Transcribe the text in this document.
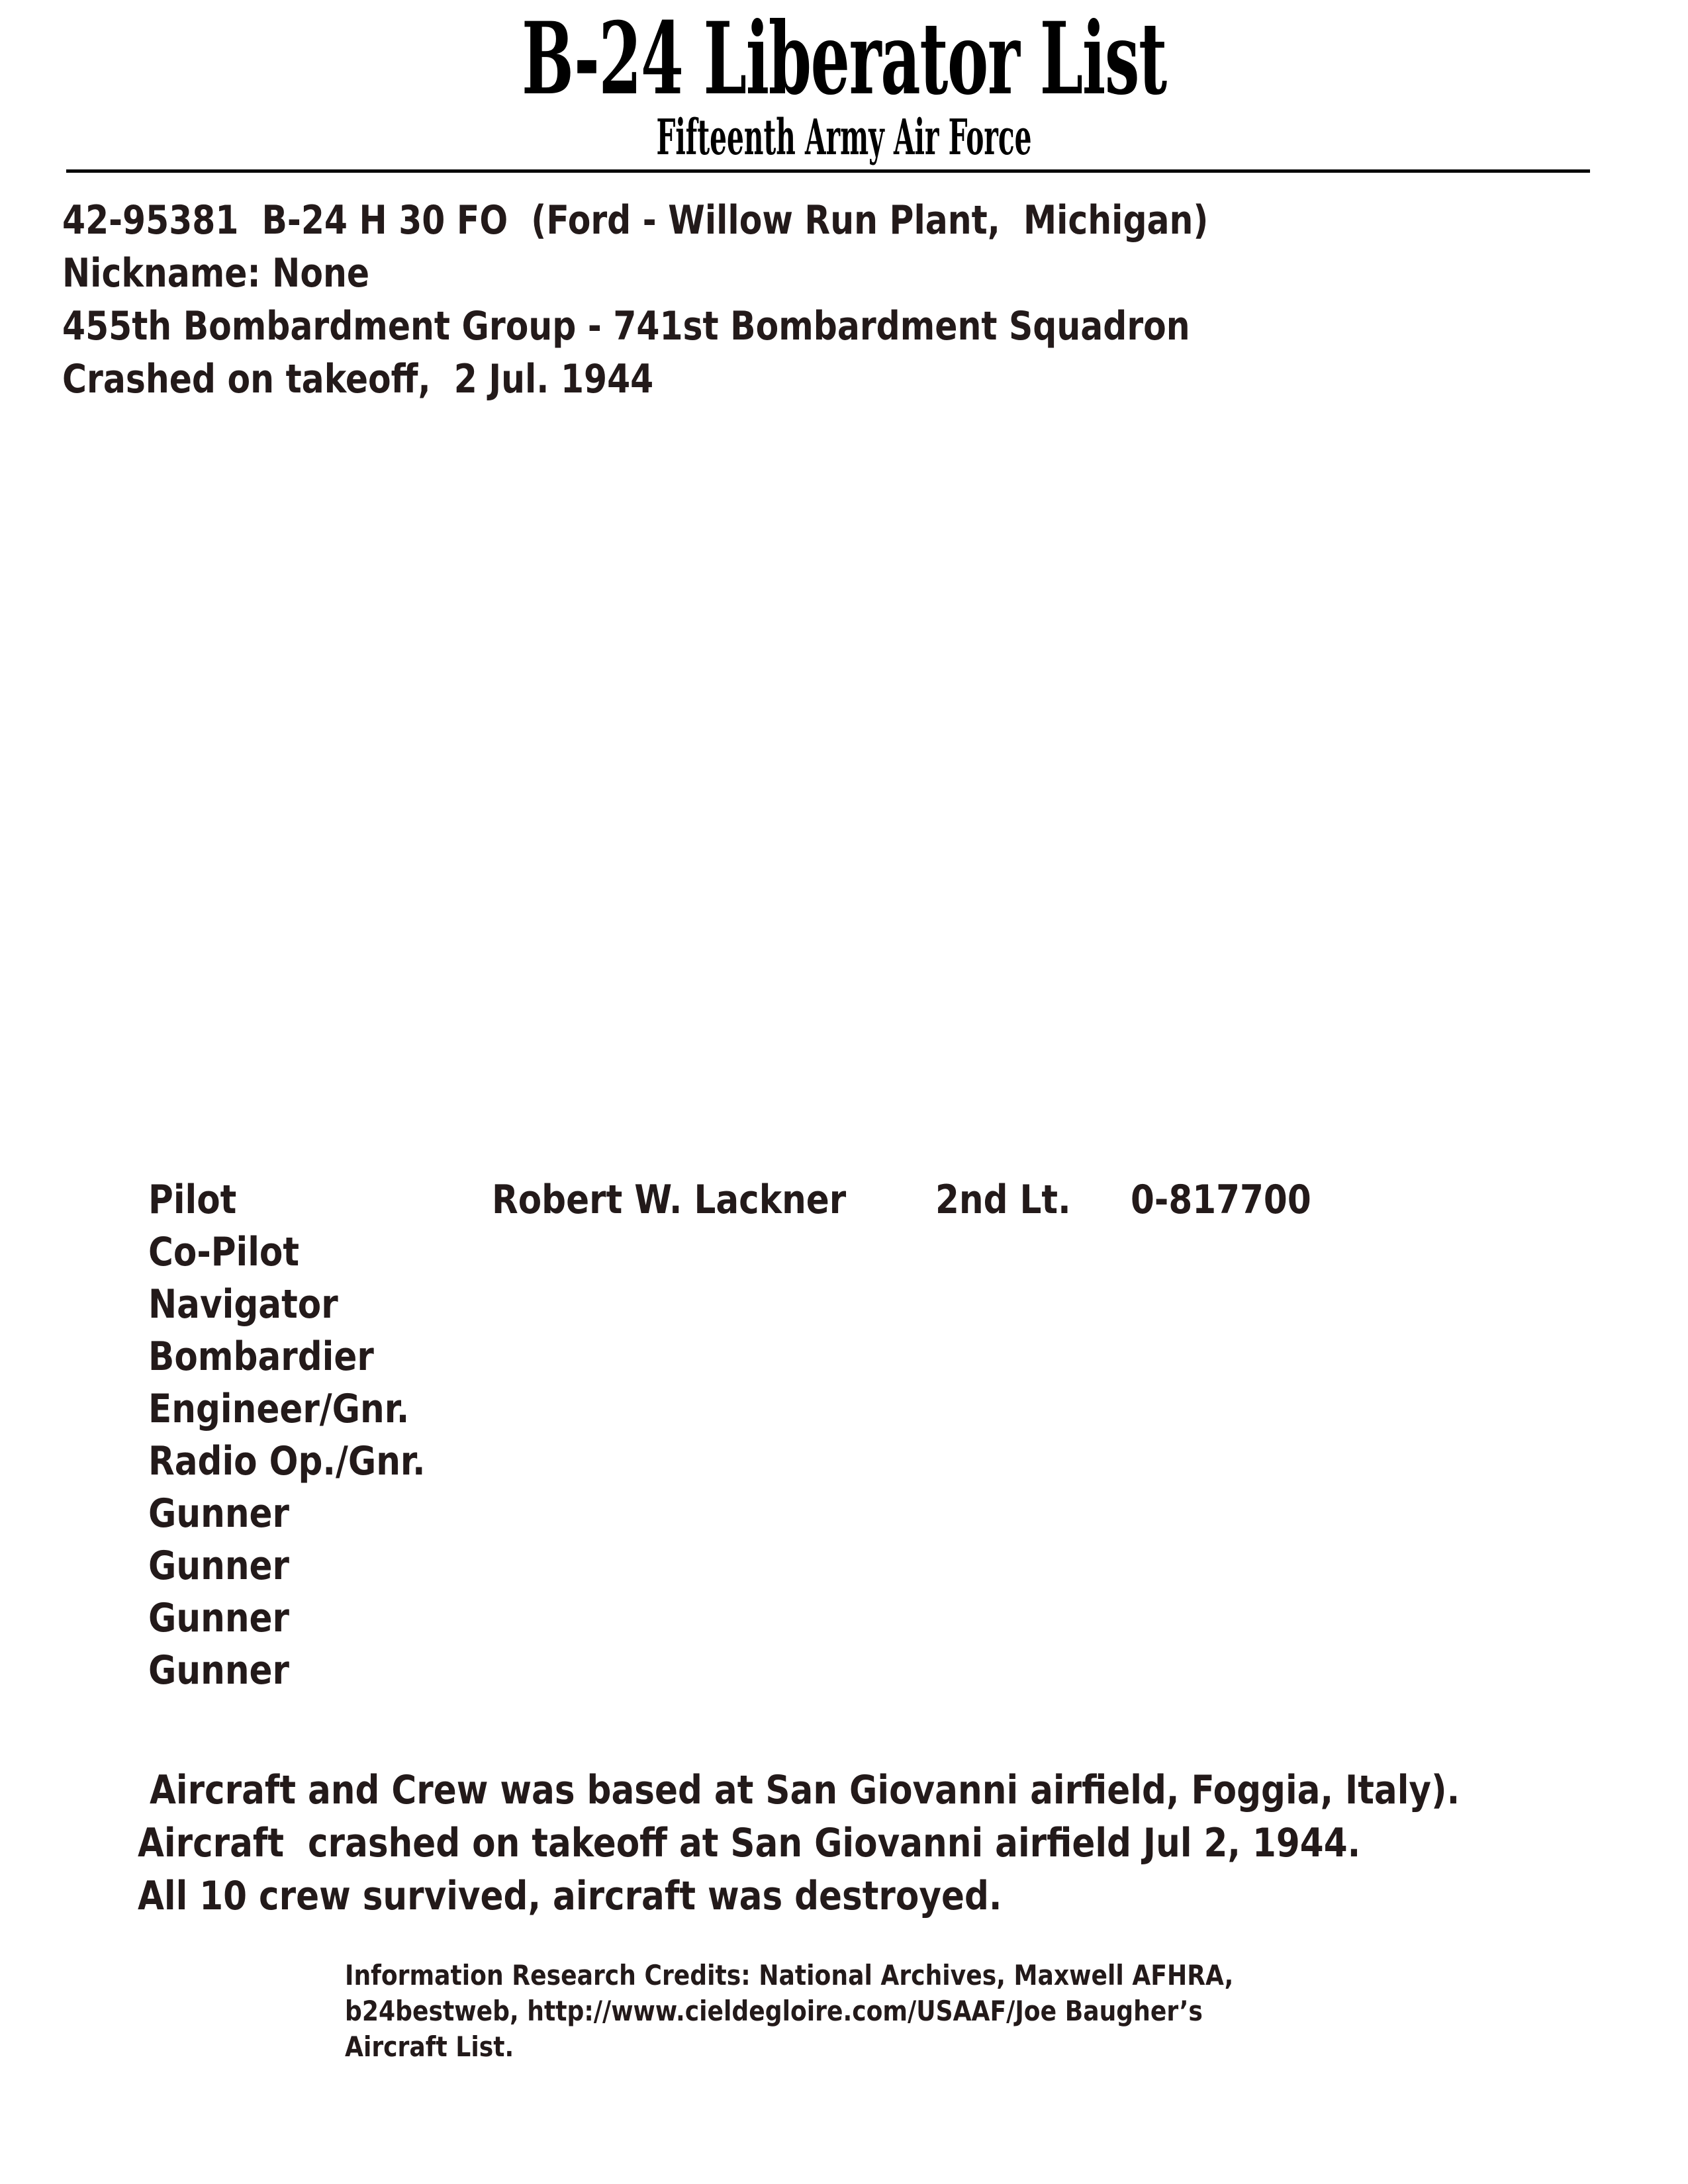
B-24 Liberator List
Fifteenth Army Air Force
42-95381  B-24 H 30 FO  (Ford - Willow Run Plant,  Michigan)
Nickname: None
455th Bombardment Group - 741st Bombardment Squadron
Crashed on takeoff,  2 Jul. 1944
Pilot	Robert W. Lackner 2nd Lt. 0-817700
Co-Pilot
Navigator
Bombardier
Engineer/Gnr.
Radio Op./Gnr.
Gunner
Gunner
Gunner
Gunner
Aircraft and Crew was based at San Giovanni airfield, Foggia, Italy).
Aircraft  crashed on takeoff at San Giovanni airfield Jul 2, 1944.
All 10 crew survived, aircraft was destroyed.
Information Research Credits: National Archives, Maxwell AFHRA,
b24bestweb, http://www.cieldegloire.com/USAAF/Joe Baugher’s
Aircraft List.
